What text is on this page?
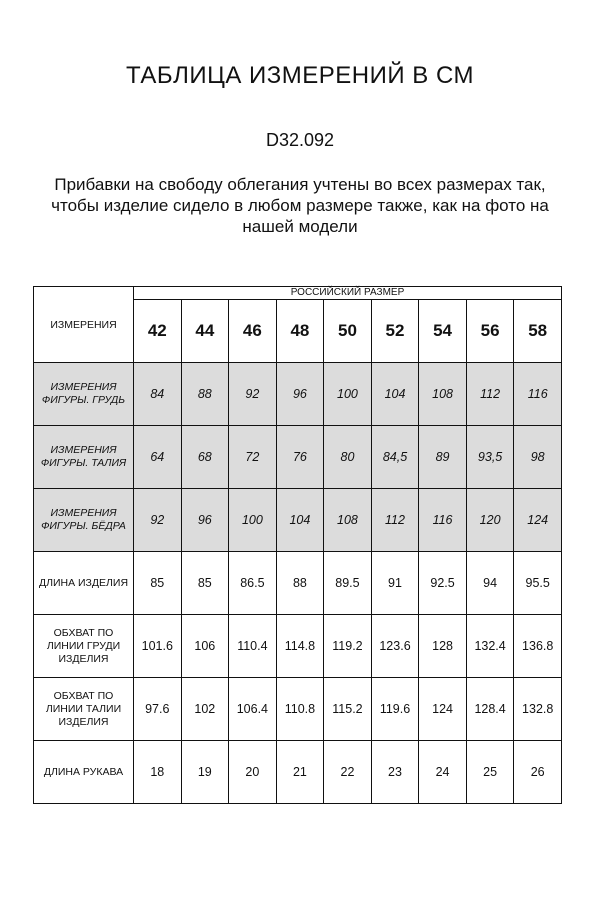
ТАБЛИЦА ИЗМЕРЕНИЙ В СМ
D32.092
Прибавки на свободу облегания учтены во всех размерах так, чтобы изделие сидело в любом размере также, как на фото на нашей модели
ИЗМЕРЕНИЯ	РОССИЙСКИЙ РАЗМЕР								
	42	44	46	48	50	52	54	56	58

ИЗМЕРЕНИЯ
ФИГУРЫ. ГРУДЬ	84	88	92	96	100	104	108	112	116

ИЗМЕРЕНИЯ
ФИГУРЫ. ТАЛИЯ	64	68	72	76	80	84,5	89	93,5	98

ИЗМЕРЕНИЯ
ФИГУРЫ. БЁДРА	92	96	100	104	108	112	116	120	124

ДЛИНА ИЗДЕЛИЯ	85	85	86.5	88	89.5	91	92.5	94	95.5

ОБХВАТ ПО
ЛИНИИ ГРУДИ
ИЗДЕЛИЯ	101.6	106	110.4	114.8	119.2	123.6	128	132.4	136.8

ОБХВАТ ПО
ЛИНИИ ТАЛИИ
ИЗДЕЛИЯ	97.6	102	106.4	110.8	115.2	119.6	124	128.4	132.8

ДЛИНА РУКАВА	18	19	20	21	22	23	24	25	26
